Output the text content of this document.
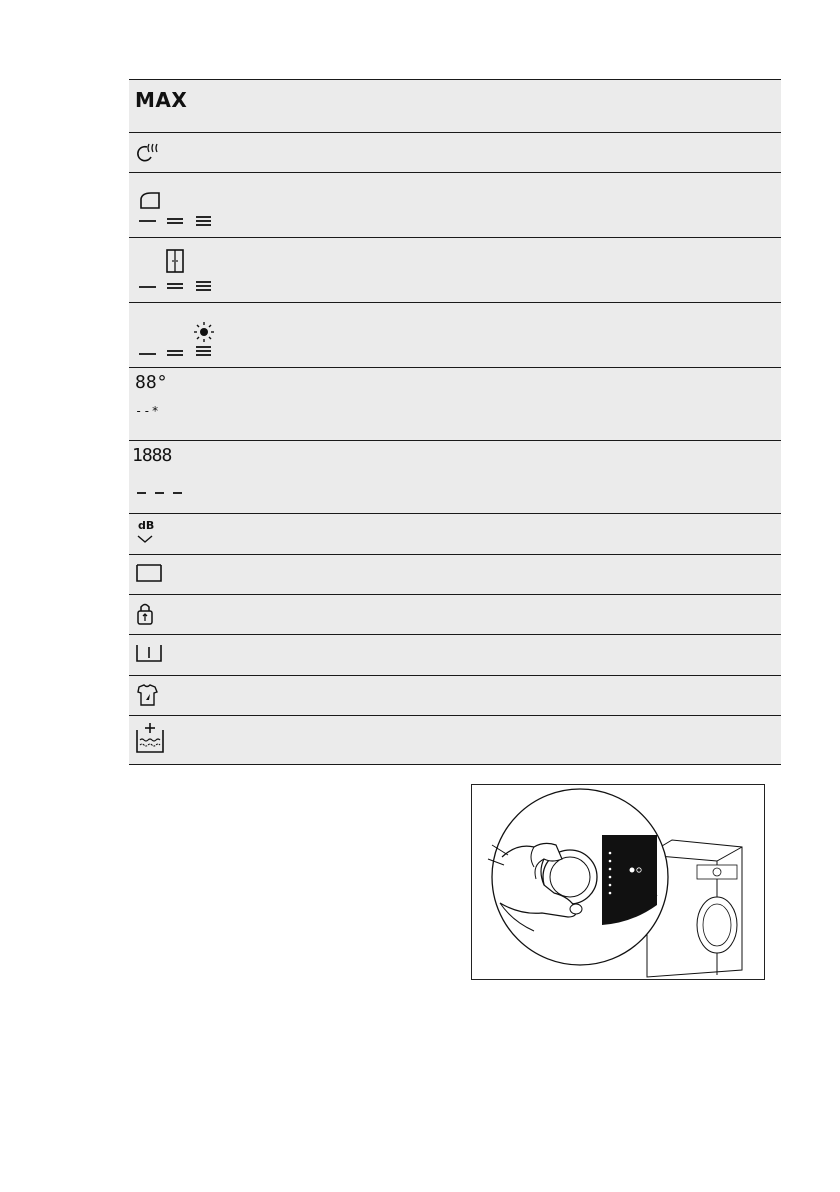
MAX
88°
--*
1888
dB
